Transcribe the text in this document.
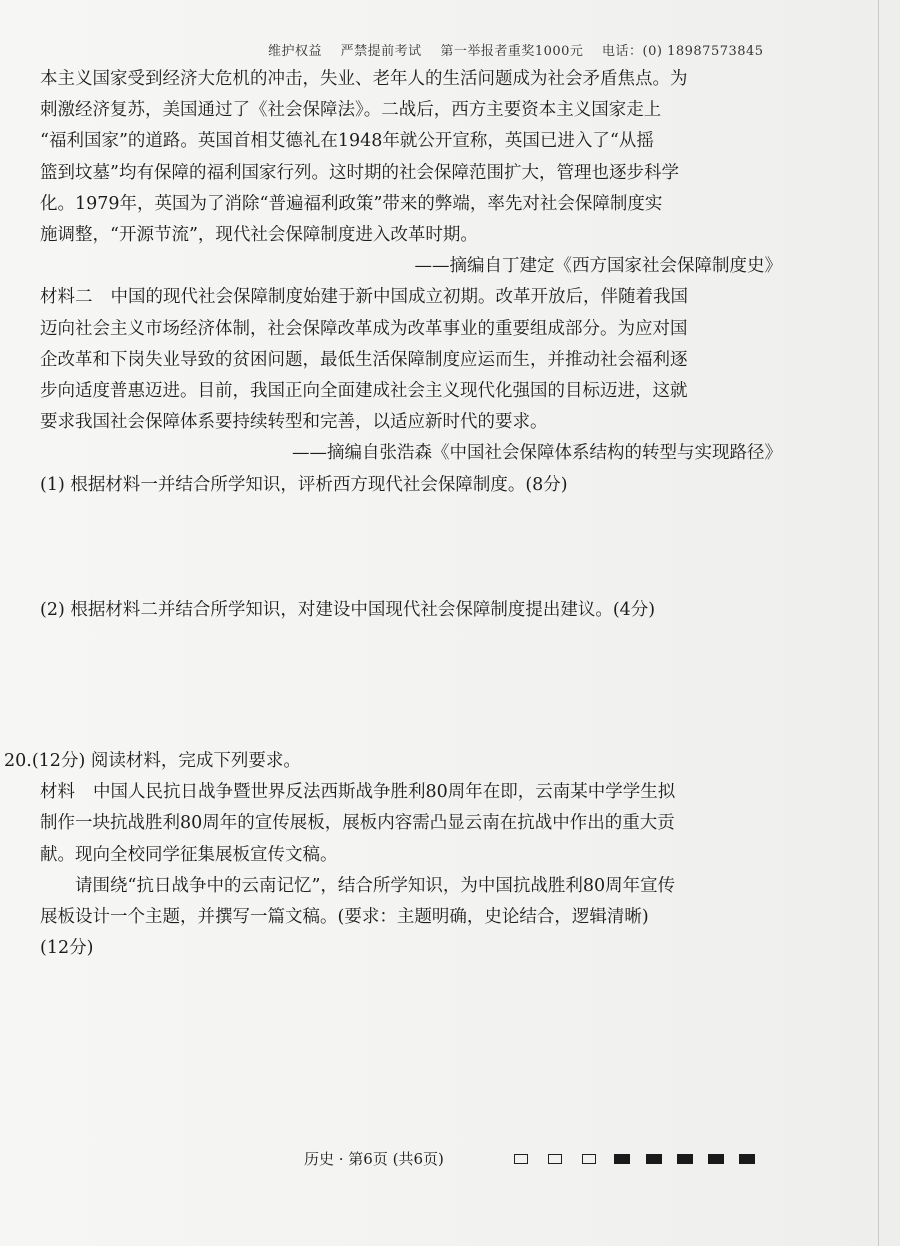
维护权益 严禁提前考试 第一举报者重奖1000元 电话：(0) 18987573845
本主义国家受到经济大危机的冲击，失业、老年人的生活问题成为社会矛盾焦点。为
刺激经济复苏，美国通过了《社会保障法》。二战后，西方主要资本主义国家走上
“福利国家”的道路。英国首相艾德礼在1948年就公开宣称，英国已进入了“从摇
篮到坟墓”均有保障的福利国家行列。这时期的社会保障范围扩大，管理也逐步科学
化。1979年，英国为了消除“普遍福利政策”带来的弊端，率先对社会保障制度实
施调整，“开源节流”，现代社会保障制度进入改革时期。
——摘编自丁建定《西方国家社会保障制度史》
材料二 中国的现代社会保障制度始建于新中国成立初期。改革开放后，伴随着我国
迈向社会主义市场经济体制，社会保障改革成为改革事业的重要组成部分。为应对国
企改革和下岗失业导致的贫困问题，最低生活保障制度应运而生，并推动社会福利逐
步向适度普惠迈进。目前，我国正向全面建成社会主义现代化强国的目标迈进，这就
要求我国社会保障体系要持续转型和完善，以适应新时代的要求。
——摘编自张浩森《中国社会保障体系结构的转型与实现路径》
(1) 根据材料一并结合所学知识，评析西方现代社会保障制度。(8分)
(2) 根据材料二并结合所学知识，对建设中国现代社会保障制度提出建议。(4分)
20.(12分) 阅读材料，完成下列要求。
材料 中国人民抗日战争暨世界反法西斯战争胜利80周年在即，云南某中学学生拟
制作一块抗战胜利80周年的宣传展板，展板内容需凸显云南在抗战中作出的重大贡
献。现向全校同学征集展板宣传文稿。
请围绕“抗日战争中的云南记忆”，结合所学知识，为中国抗战胜利80周年宣传
展板设计一个主题，并撰写一篇文稿。(要求：主题明确，史论结合，逻辑清晰)
(12分)
历史 · 第6页 (共6页)
